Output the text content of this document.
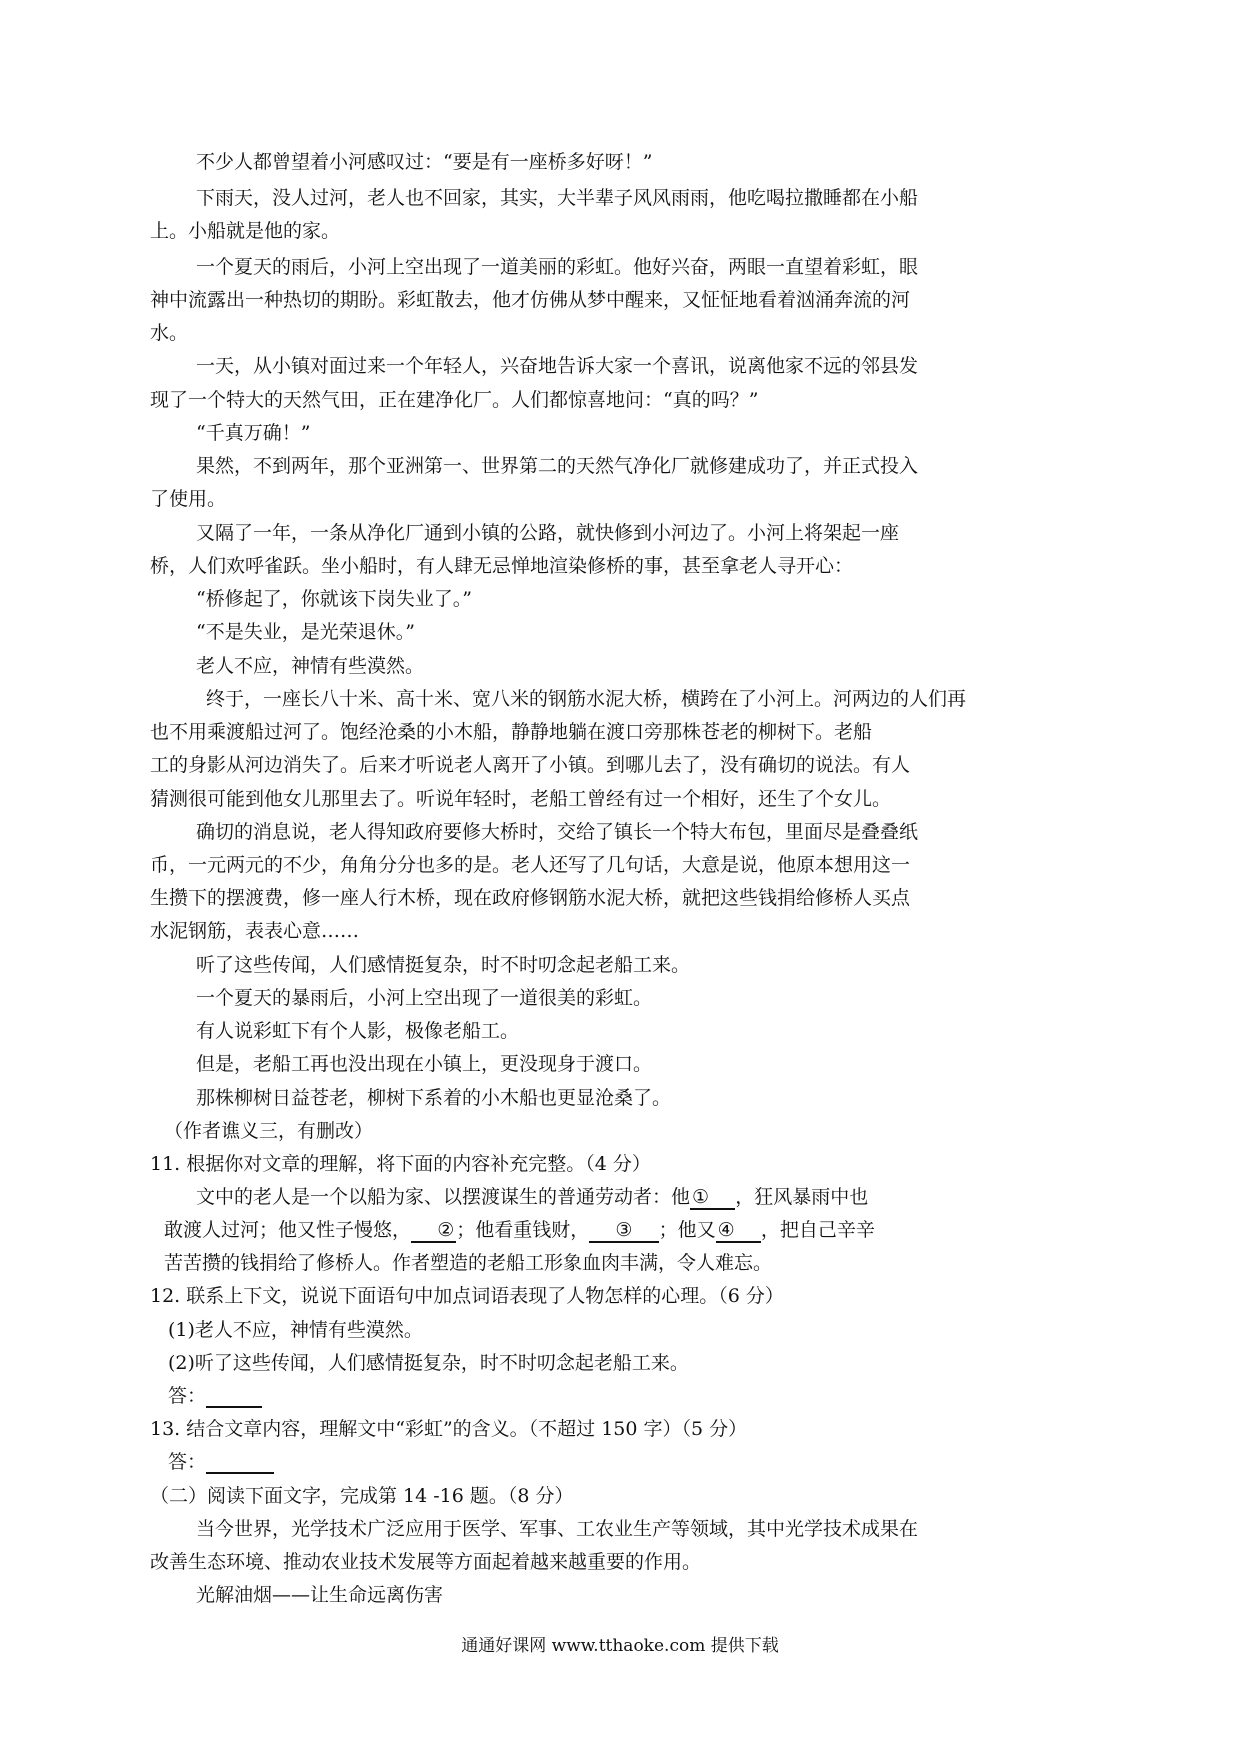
不少人都曾望着小河感叹过：“要是有一座桥多好呀！”
下雨天，没人过河，老人也不回家，其实，大半辈子风风雨雨，他吃喝拉撒睡都在小船
上。小船就是他的家。
一个夏天的雨后，小河上空出现了一道美丽的彩虹。他好兴奋，两眼一直望着彩虹，眼
神中流露出一种热切的期盼。彩虹散去，他才仿佛从梦中醒来，又怔怔地看着汹涌奔流的河
水。
一天，从小镇对面过来一个年轻人，兴奋地告诉大家一个喜讯，说离他家不远的邻县发
现了一个特大的天然气田，正在建净化厂。人们都惊喜地问：“真的吗？”
“千真万确！”
果然，不到两年，那个亚洲第一、世界第二的天然气净化厂就修建成功了，并正式投入
了使用。
又隔了一年，一条从净化厂通到小镇的公路，就快修到小河边了。小河上将架起一座
桥，人们欢呼雀跃。坐小船时，有人肆无忌惮地渲染修桥的事，甚至拿老人寻开心：
“桥修起了，你就该下岗失业了。”
“不是失业，是光荣退休。”
老人不应，神情有些漠然。
终于，一座长八十米、高十米、宽八米的钢筋水泥大桥，横跨在了小河上。河两边的人们再
也不用乘渡船过河了。饱经沧桑的小木船，静静地躺在渡口旁那株苍老的柳树下。老船
工的身影从河边消失了。后来才听说老人离开了小镇。到哪儿去了，没有确切的说法。有人
猜测很可能到他女儿那里去了。听说年轻时，老船工曾经有过一个相好，还生了个女儿。
确切的消息说，老人得知政府要修大桥时，交给了镇长一个特大布包，里面尽是叠叠纸
币，一元两元的不少，角角分分也多的是。老人还写了几句话，大意是说，他原本想用这一
生攒下的摆渡费，修一座人行木桥，现在政府修钢筋水泥大桥，就把这些钱捐给修桥人买点
水泥钢筋，表表心意……
听了这些传闻，人们感情挺复杂，时不时叨念起老船工来。
一个夏天的暴雨后，小河上空出现了一道很美的彩虹。
有人说彩虹下有个人影，极像老船工。
但是，老船工再也没出现在小镇上，更没现身于渡口。
那株柳树日益苍老，柳树下系着的小木船也更显沧桑了。
（作者谯义三，有删改）
11. 根据你对文章的理解，将下面的内容补充完整。（4 分）
文中的老人是一个以船为家、以摆渡谋生的普通劳动者：他 ① ，狂风暴雨中也
敢渡人过河；他又性子慢悠， ② ；他看重钱财， ③ ；他又 ④ ，把自己辛辛
苦苦攒的钱捐给了修桥人。作者塑造的老船工形象血肉丰满，令人难忘。
12. 联系上下文，说说下面语句中加点词语表现了人物怎样的心理。（6 分）
(1)老人不应，神情有些漠然。
(2)听了这些传闻，人们感情挺复杂，时不时叨念起老船工来。
答：
13. 结合文章内容，理解文中“彩虹”的含义。（不超过 150 字）（5 分）
答：
（二）阅读下面文字，完成第 14 -16 题。（8 分）
当今世界，光学技术广泛应用于医学、军事、工农业生产等领域，其中光学技术成果在
改善生态环境、推动农业技术发展等方面起着越来越重要的作用。
光解油烟——让生命远离伤害
通通好课网 www.tthaoke.com 提供下载
